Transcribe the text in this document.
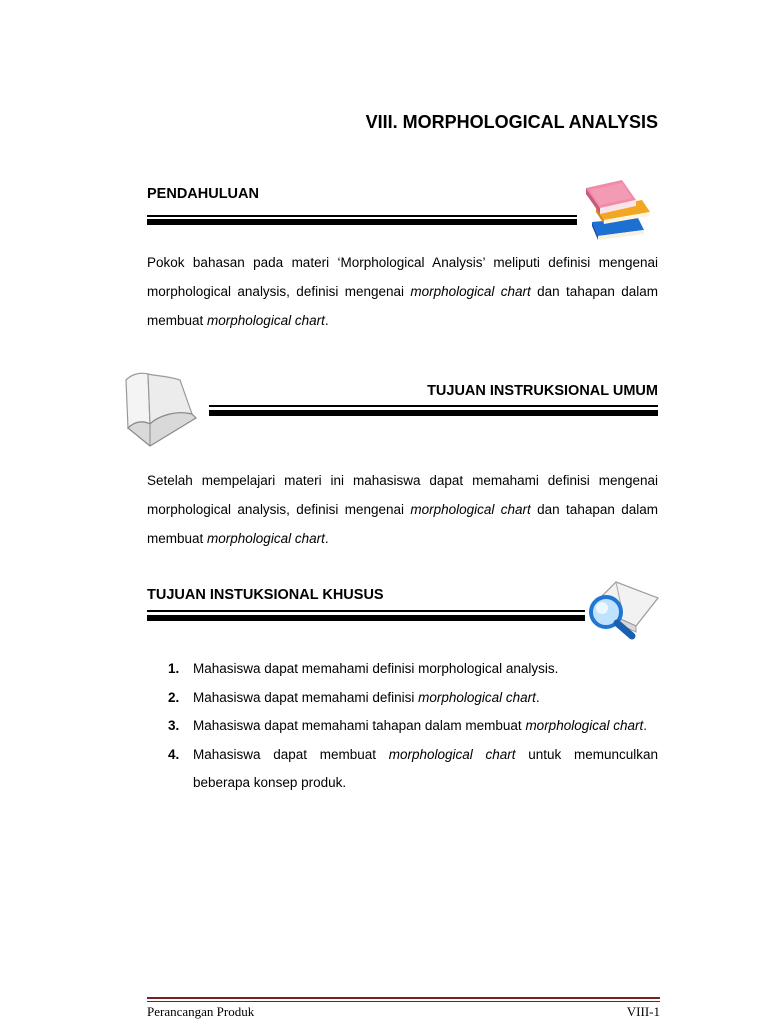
VIII. MORPHOLOGICAL ANALYSIS
PENDAHULUAN
Pokok bahasan pada materi ‘Morphological Analysis’ meliputi definisi mengenai morphological analysis, definisi mengenai morphological chart dan tahapan dalam membuat morphological chart.
TUJUAN INSTRUKSIONAL UMUM
Setelah mempelajari materi ini mahasiswa dapat memahami definisi mengenai morphological analysis, definisi mengenai morphological chart dan tahapan dalam membuat morphological chart.
TUJUAN INSTUKSIONAL KHUSUS
1. Mahasiswa dapat memahami definisi morphological analysis.
2. Mahasiswa dapat memahami definisi morphological chart.
3. Mahasiswa dapat memahami tahapan dalam membuat morphological chart.
4. Mahasiswa dapat membuat morphological chart untuk memunculkan beberapa konsep produk.
Perancangan Produk	VIII-1
